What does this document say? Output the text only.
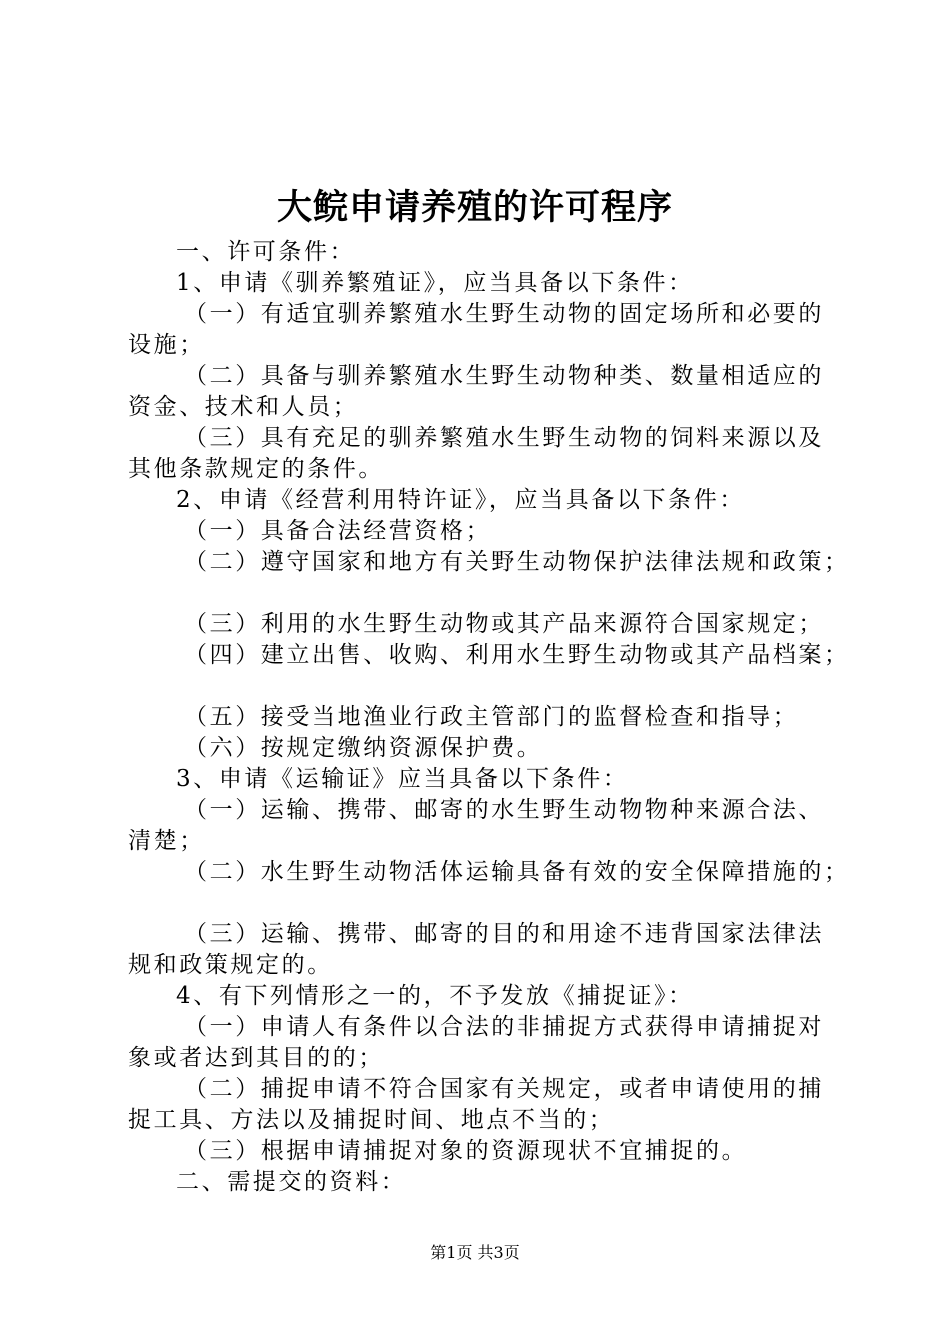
大鲩申请养殖的许可程序
一、许可条件：
1、申请《驯养繁殖证》，应当具备以下条件：
（一）有适宜驯养繁殖水生野生动物的固定场所和必要的
设施；
（二）具备与驯养繁殖水生野生动物种类、数量相适应的
资金、技术和人员；
（三）具有充足的驯养繁殖水生野生动物的饲料来源以及
其他条款规定的条件。
2、申请《经营利用特许证》，应当具备以下条件：
（一）具备合法经营资格；
（二）遵守国家和地方有关野生动物保护法律法规和政策；
（三）利用的水生野生动物或其产品来源符合国家规定；
（四）建立出售、收购、利用水生野生动物或其产品档案；
（五）接受当地渔业行政主管部门的监督检查和指导；
（六）按规定缴纳资源保护费。
3、申请《运输证》应当具备以下条件：
（一）运输、携带、邮寄的水生野生动物物种来源合法、
清楚；
（二）水生野生动物活体运输具备有效的安全保障措施的；
（三）运输、携带、邮寄的目的和用途不违背国家法律法
规和政策规定的。
4、有下列情形之一的，不予发放《捕捉证》：
（一）申请人有条件以合法的非捕捉方式获得申请捕捉对
象或者达到其目的的；
（二）捕捉申请不符合国家有关规定，或者申请使用的捕
捉工具、方法以及捕捉时间、地点不当的；
（三）根据申请捕捉对象的资源现状不宜捕捉的。
二、需提交的资料：
第1页 共3页
